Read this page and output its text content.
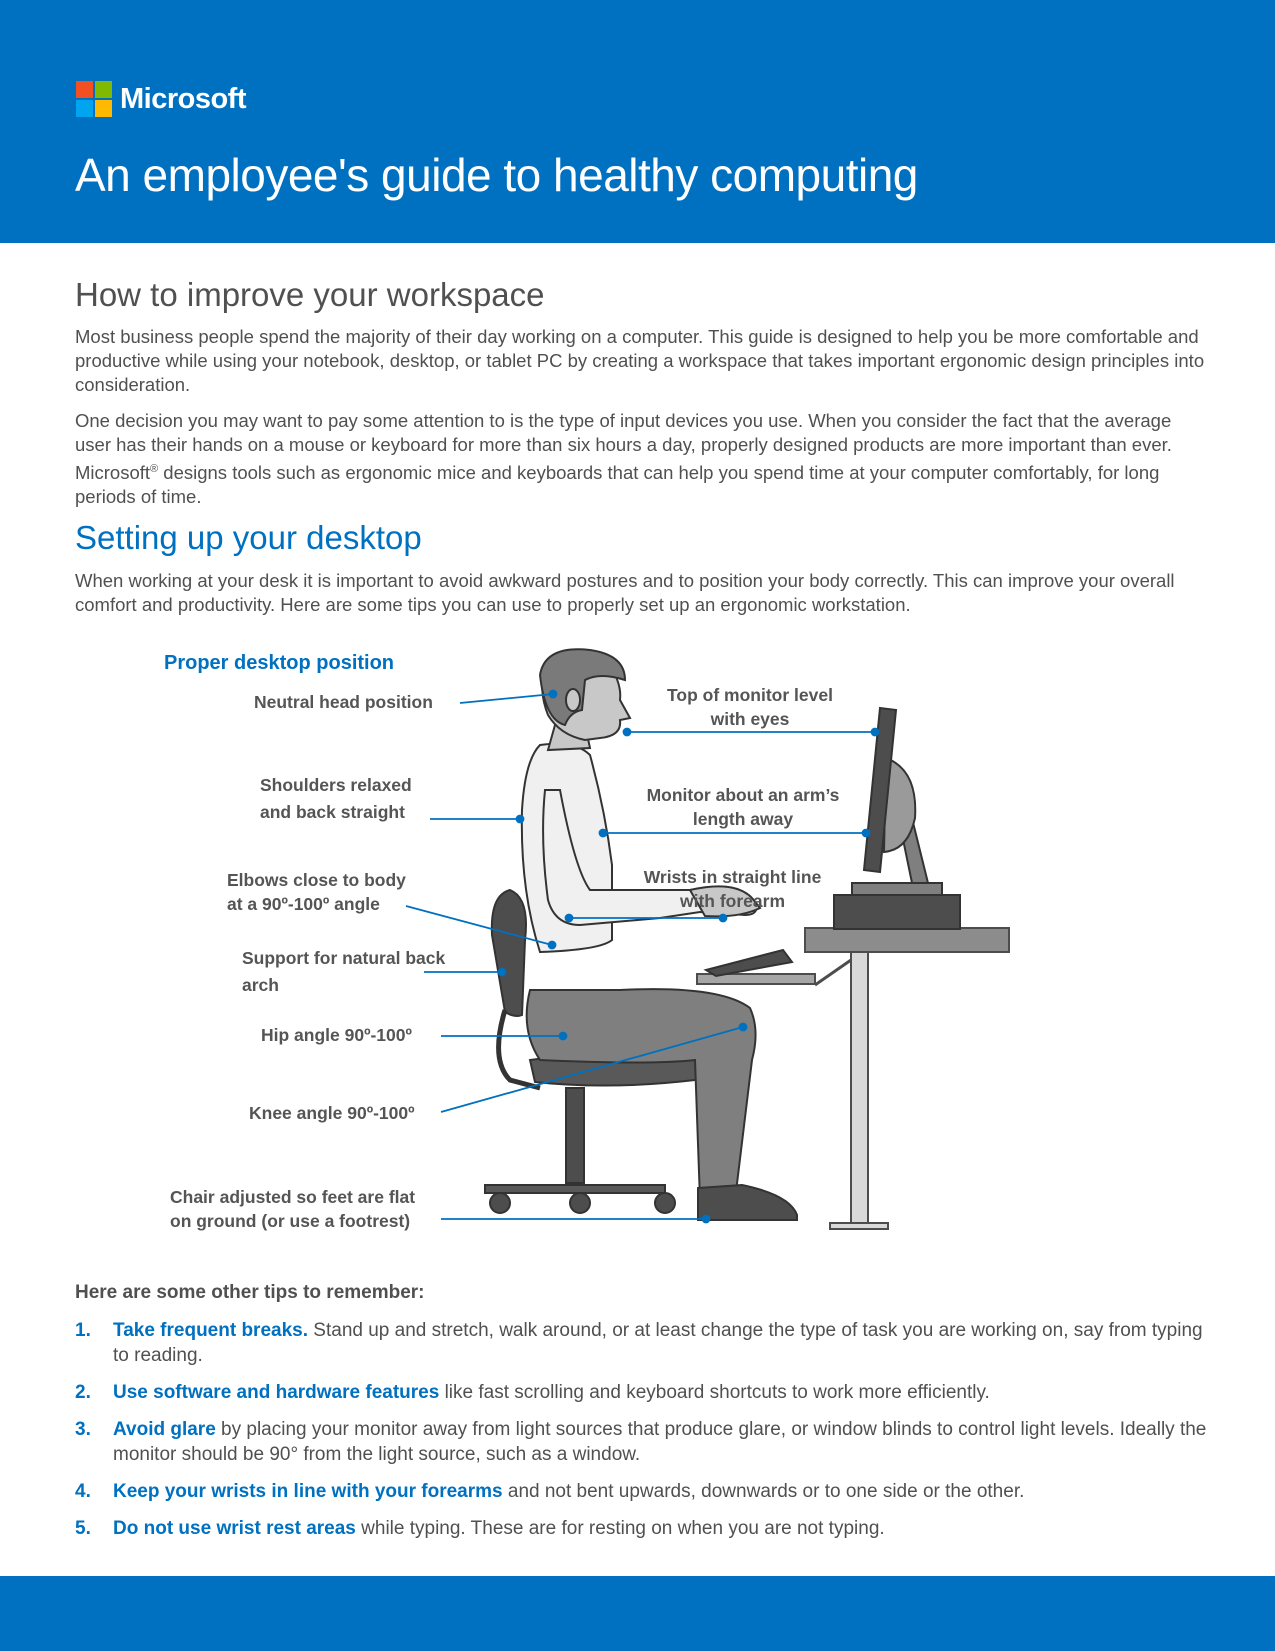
Microsoft
An employee's guide to healthy computing
How to improve your workspace

Most business people spend the majority of their day working on a computer. This guide is designed to help you be more comfortable and productive while using your notebook, desktop, or tablet PC by creating a workspace that takes important ergonomic design principles into consideration.

One decision you may want to pay some attention to is the type of input devices you use. When you consider the fact that the average user has their hands on a mouse or keyboard for more than six hours a day, properly designed products are more important than ever. Microsoft® designs tools such as ergonomic mice and keyboards that can help you spend time at your computer comfortably, for long periods of time.

Setting up your desktop

When working at your desk it is important to avoid awkward postures and to position your body correctly. This can improve your overall comfort and productivity. Here are some tips you can use to properly set up an ergonomic workstation.

Proper desktop position
Neutral head position
Shoulders relaxed
and back straight
Elbows close to body
at a 90º-100º angle
Support for natural back
arch
Hip angle 90º-100º
Knee angle 90º-100º
Chair adjusted so feet are flat
on ground (or use a footrest)
Top of monitor level
with eyes
Monitor about an arm’s
length away
Wrists in straight line
with forearm
Here are some other tips to remember:
1.	Take frequent breaks. Stand up and stretch, walk around, or at least change the type of task you are working on, say from typing to reading.
2.	Use software and hardware features like fast scrolling and keyboard shortcuts to work more efficiently.
3.	Avoid glare by placing your monitor away from light sources that produce glare, or window blinds to control light levels. Ideally the monitor should be 90° from the light source, such as a window.
4.	Keep your wrists in line with your forearms and not bent upwards, downwards or to one side or the other.
5.	Do not use wrist rest areas while typing. These are for resting on when you are not typing.
